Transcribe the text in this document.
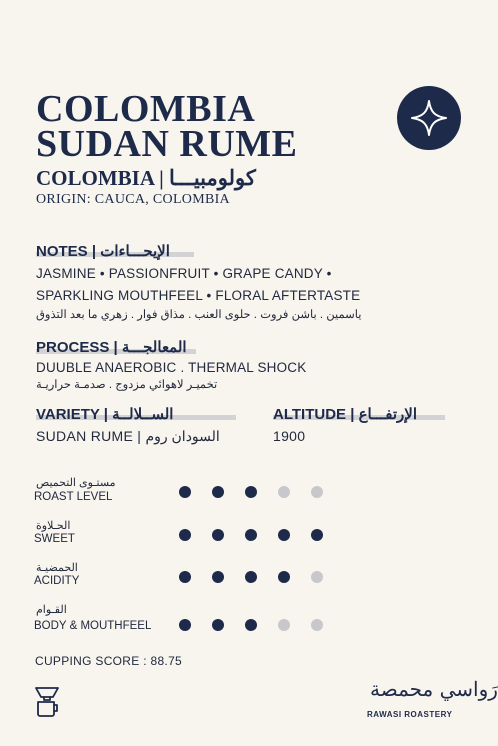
COLOMBIA
SUDAN RUME
COLOMBIA | كولومبيـــا
ORIGIN: CAUCA, COLOMBIA
NOTES | الإيحـــاءات
JASMINE • PASSIONFRUIT • GRAPE CANDY •
SPARKLING MOUTHFEEL • FLORAL AFTERTASTE
ياسمين . باشن فروت . حلوى العنب . مذاق فوار . زهري ما بعد التذوق
PROCESS | المعالجـــة
DUUBLE ANAEROBIC . THERMAL SHOCK
تخميـر لاهوائي مزدوج . صدمـة حراريـة
VARIETY | الســلالــة
SUDAN RUME | السودان روم
ALTITUDE | الإرتفـــاع
1900
مستـوى التحميص
ROAST LEVEL
الحـلاوة
SWEET
الحمضيـة
ACIDITY
القـوام
BODY & MOUTHFEEL
CUPPING SCORE : 88.75
رَواسي محمصة
RAWASI ROASTERY
